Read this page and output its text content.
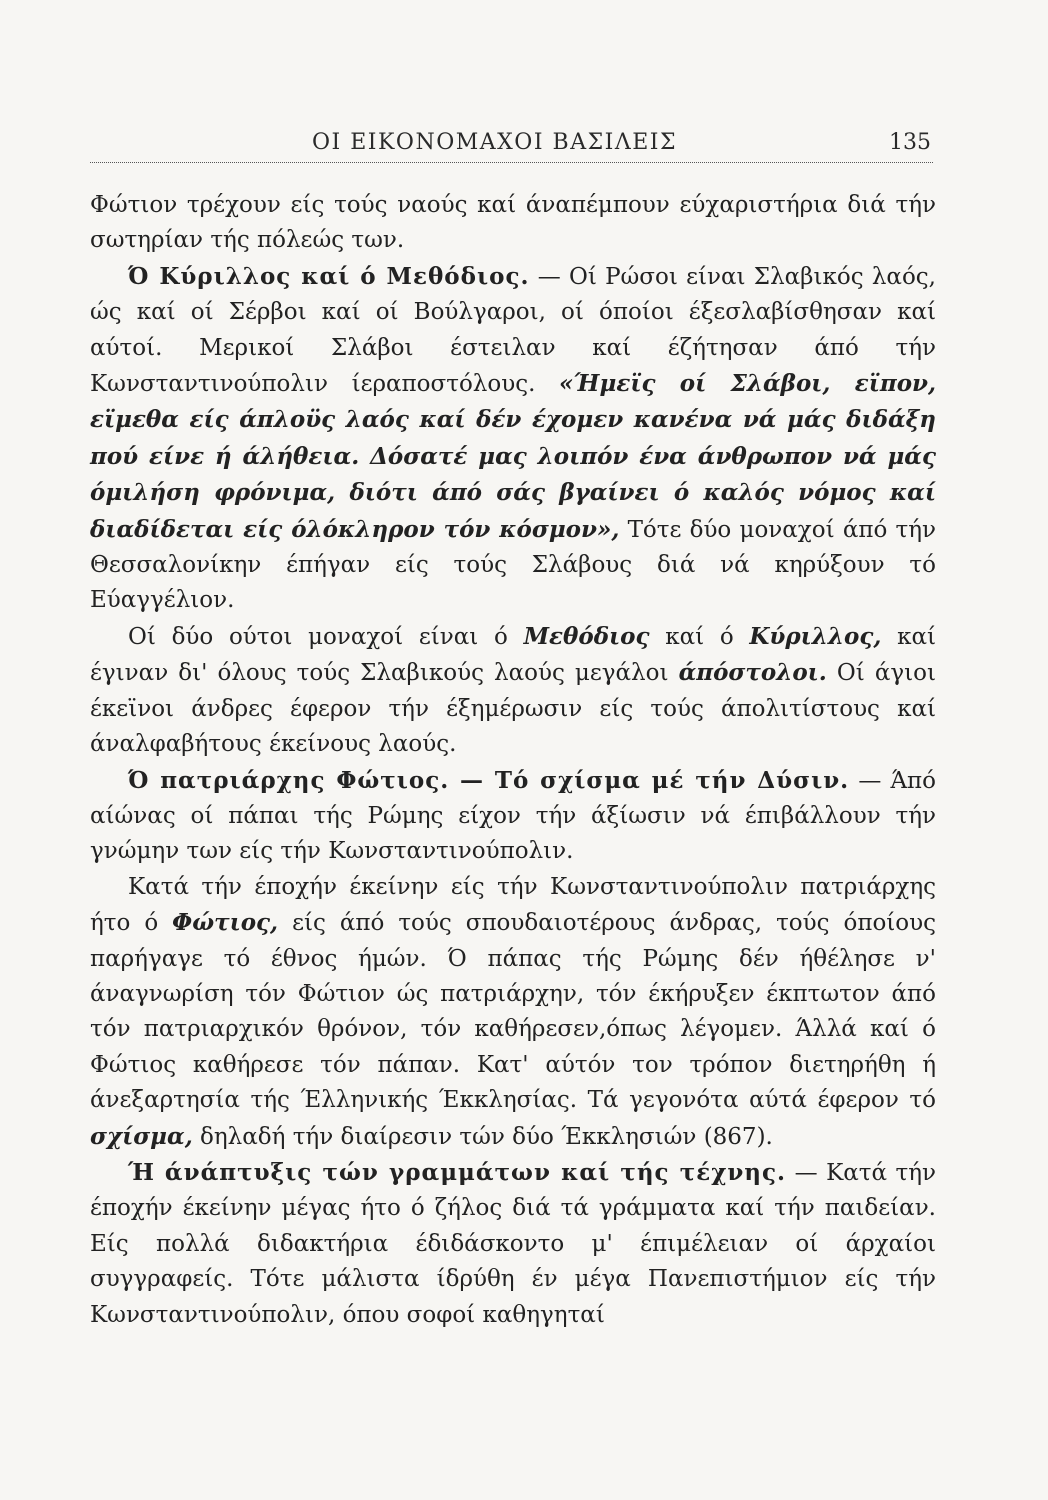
ΟΙ ΕΙΚΟΝΟΜΑΧΟΙ ΒΑΣΙΛΕΙΣ	135

Φώτιον τρέχουν είς τούς ναούς καί άναπέμπουν εύχαριστήρια διά τήν σωτηρίαν τής πόλεώς των.

Ό Κύριλλος καί ό Μεθόδιος. — Οί Ρώσοι είναι Σλαβικός λαός, ώς καί οί Σέρβοι καί οί Βούλγαροι, οί όποίοι έξεσλαβίσθησαν καί αύτοί. Μερικοί Σλάβοι έστειλαν καί έζήτησαν άπό τήν Κωνσταντινούπολιν ίεραποστόλους. «Ήμεϊς οί Σλάβοι, εϊπον, εϊμεθα είς άπλοϋς λαός καί δέν έχομεν κανένα νά μάς διδάξη πού είνε ή άλήθεια. Δόσατέ μας λοιπόν ένα άνθρωπον νά μάς όμιλήση φρόνιμα, διότι άπό σάς βγαίνει ό καλός νόμος καί διαδίδεται είς όλόκληρον τόν κόσμον», Τότε δύο μοναχοί άπό τήν Θεσσαλονίκην έπήγαν είς τούς Σλάβους διά νά κηρύξουν τό Εύαγγέλιον.

Οί δύο ούτοι μοναχοί είναι ό Μεθόδιος καί ό Κύριλλος, καί έγιναν δι' όλους τούς Σλαβικούς λαούς μεγάλοι άπόστολοι. Οί άγιοι έκεϊνοι άνδρες έφερον τήν έξημέρωσιν είς τούς άπολιτίστους καί άναλφαβήτους έκείνους λαούς.

Ό πατριάρχης Φώτιος. — Τό σχίσμα μέ τήν Δύσιν. — Άπό αίώνας οί πάπαι τής Ρώμης είχον τήν άξίωσιν νά έπιβάλλουν τήν γνώμην των είς τήν Κωνσταντινούπολιν.

Κατά τήν έποχήν έκείνην είς τήν Κωνσταντινούπολιν πατριάρχης ήτο ό Φώτιος, είς άπό τούς σπουδαιοτέρους άνδρας, τούς όποίους παρήγαγε τό έθνος ήμών. Ό πάπας τής Ρώμης δέν ήθέλησε ν' άναγνωρίση τόν Φώτιον ώς πατριάρχην, τόν έκήρυξεν έκπτωτον άπό τόν πατριαρχικόν θρόνον, τόν καθήρεσεν,όπως λέγομεν. Άλλά καί ό Φώτιος καθήρεσε τόν πάπαν. Κατ' αύτόν τον τρόπον διετηρήθη ή άνεξαρτησία τής Έλληνικής Έκκλησίας. Τά γεγονότα αύτά έφερον τό σχίσμα, δηλαδή τήν διαίρεσιν τών δύο Έκκλησιών (867).

Ή άνάπτυξις τών γραμμάτων καί τής τέχνης. — Κατά τήν έποχήν έκείνην μέγας ήτο ό ζήλος διά τά γράμματα καί τήν παιδείαν. Είς πολλά διδακτήρια έδιδάσκοντο μ' έπιμέλειαν οί άρχαίοι συγγραφείς. Τότε μάλιστα ίδρύθη έν μέγα Πανεπιστήμιον είς τήν Κωνσταντινούπολιν, όπου σοφοί καθηγηταί
